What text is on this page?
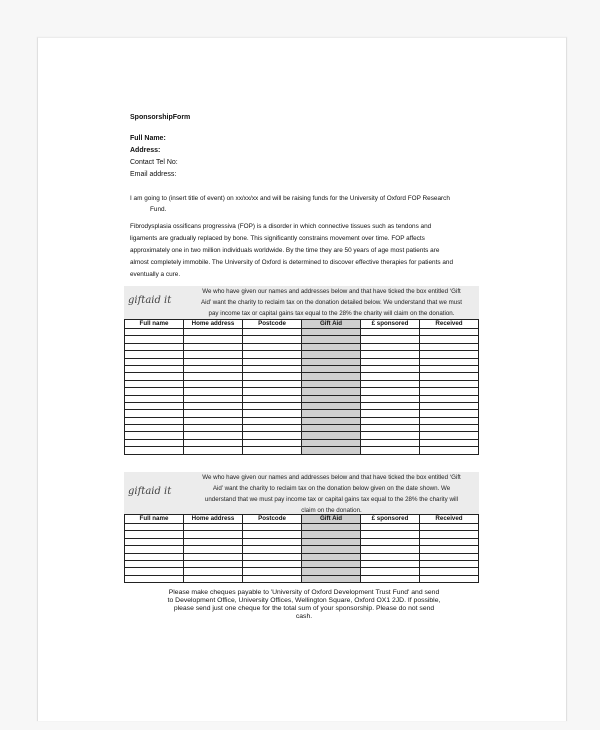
SponsorshipForm
Full Name:
Address:
Contact Tel No:
Email address:
I am going to (insert title of event) on xx/xx/xx and will be raising funds for the University of Oxford FOP Research
Fund.
Fibrodysplasia ossificans progressiva (FOP) is a disorder in which connective tissues such as tendons and
ligaments are gradually replaced by bone. This significantly constrains movement over time. FOP affects
approximately one in two million individuals worldwide. By the time they are 50 years of age most patients are
almost completely immobile. The University of Oxford is determined to discover effective therapies for patients and
eventually a cure.
giftaid it
We who have given our names and addresses below and that have ticked the box entitled ‘Gift
Aid’ want the charity to reclaim tax on the donation detailed below. We understand that we must
pay income tax or capital gains tax equal to the 28% the charity will claim on the donation.
Full name	Home address	Postcode	Gift Aid	£ sponsored	Received

giftaid it
We who have given our names and addresses below and that have ticked the box entitled ‘Gift
Aid’ want the charity to reclaim tax on the donation below given on the date shown. We
understand that we must pay income tax or capital gains tax equal to the 28% the charity will
claim on the donation.
Full name	Home address	Postcode	Gift Aid	£ sponsored	Received

Please make cheques payable to 'University of Oxford Development Trust Fund' and send
to Development Office, University Offices, Wellington Square, Oxford OX1 2JD. If possible,
please send just one cheque for the total sum of your sponsorship. Please do not send
cash.
